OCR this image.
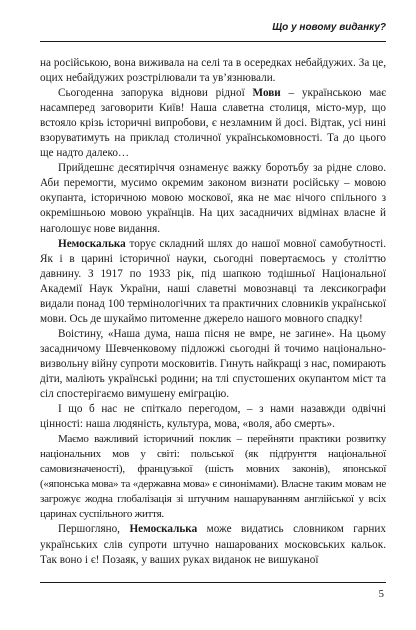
Що у новому виданку?

на російською, вона виживала на селі та в осередках небайдужих. За це, оцих небайдужих розстрілювали та ув’язнювали.

Сьогоденна запорука віднови рідної Мови – українською має насамперед заговорити Київ! Наша славетна столиця, місто-мур, що встояло крізь історичні випробови, є незламним й досі. Відтак, усі нині взоруватимуть на приклад столичної українськомовності. Та до цього ще надто далеко…

Прийдешнє десятиріччя ознаменує важку боротьбу за рідне слово. Аби перемогти, мусимо окремим законом визнати російську – мовою окупанта, історичною мовою москової, яка не має нічого спільного з окремішньою мовою українців. На цих засадничих відмінах власне й наголошує нове видання.

Немоскалька торує складний шлях до нашої мовної самобутності. Як і в царині історичної науки, сьогодні повертаємось у століттю давнину. З 1917 по 1933 рік, під шапкою тодішньої Національної Академії Наук України, наші славетні мовознавці та лексикографи видали понад 100 термінологічних та практичних словників української мови. Ось де шукаймо питоменне джерело нашого мовного спадку!

Воістину, «Наша дума, наша пісня не вмре, не загине». На цьому засадничому Шевченковому підложжі сьогодні й точимо національно-визвольну війну супроти московитів. Гинуть найкращі з нас, помирають діти, маліють українські родини; на тлі спустошених окупантом міст та сіл спостерігаємо вимушену еміграцію.

І що б нас не спіткало перегодом, – з нами назавжди одвічні цінності: наша людяність, культура, мова, «воля, або смерть».

Маємо важливий історичний поклик – перейняти практики розвитку національних мов у світі: польської (як підґрунття національної самовизначеності), французької (шість мовних законів), японської («японська мова» та «державна мова» є синонімами). Власне таким мовам не загрожує жодна глобалізація зі штучним нашаруванням англійської у всіх царинах суспільного життя.

Першогляно, Немоскалька може видатись словником гарних українських слів супроти штучно нашарованих московських кальок. Так воно і є! Позаяк, у ваших руках виданок не вишуканої

5
